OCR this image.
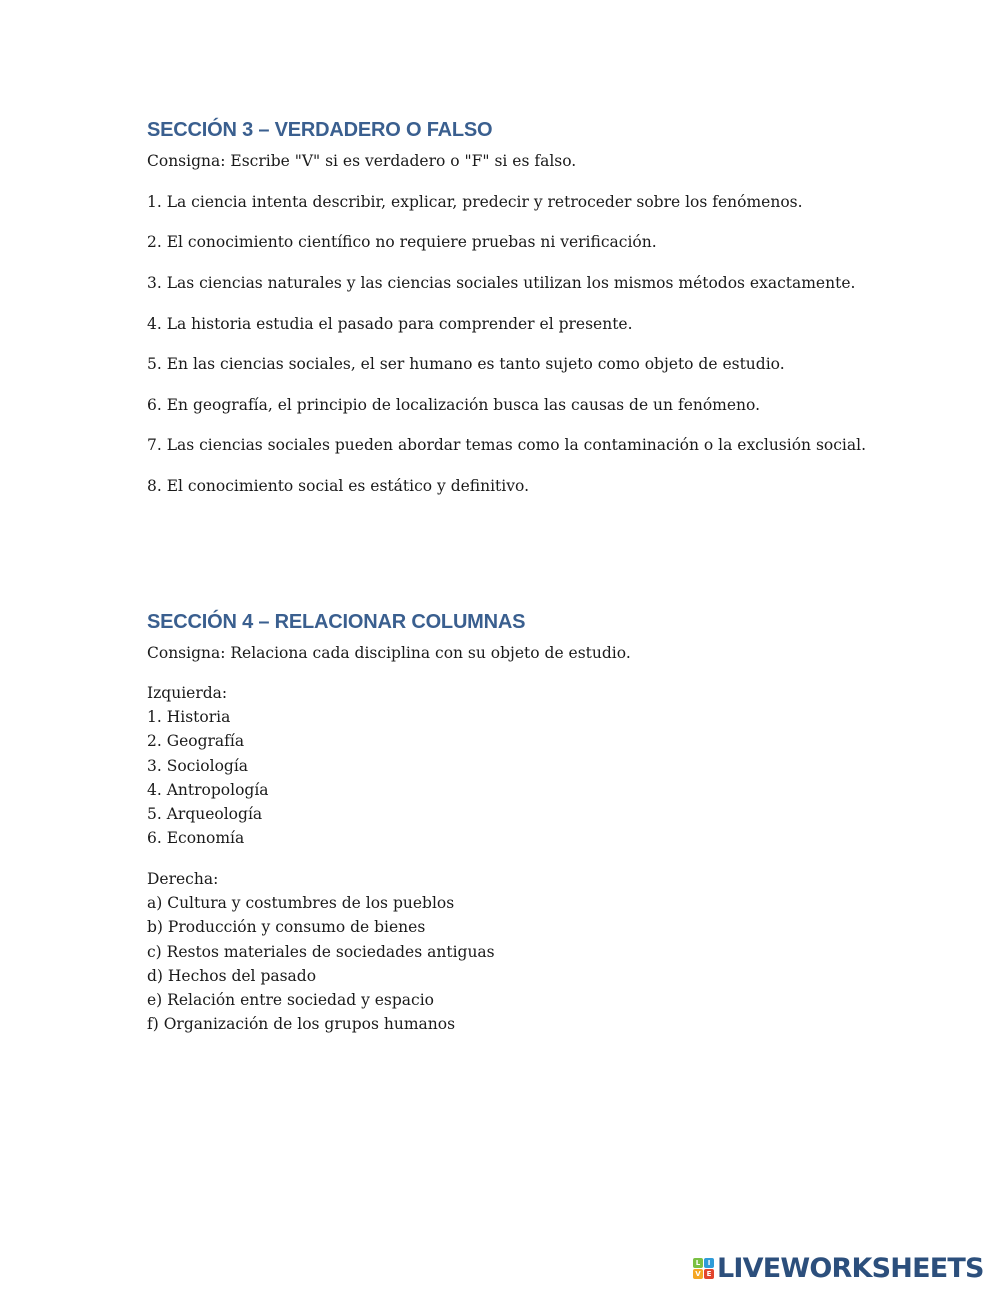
SECCIÓN 3 – VERDADERO O FALSO

Consigna: Escribe "V" si es verdadero o "F" si es falso.

1. La ciencia intenta describir, explicar, predecir y retroceder sobre los fenómenos.

2. El conocimiento científico no requiere pruebas ni verificación.

3. Las ciencias naturales y las ciencias sociales utilizan los mismos métodos exactamente.

4. La historia estudia el pasado para comprender el presente.

5. En las ciencias sociales, el ser humano es tanto sujeto como objeto de estudio.

6. En geografía, el principio de localización busca las causas de un fenómeno.

7. Las ciencias sociales pueden abordar temas como la contaminación o la exclusión social.

8. El conocimiento social es estático y definitivo.

SECCIÓN 4 – RELACIONAR COLUMNAS

Consigna: Relaciona cada disciplina con su objeto de estudio.

Izquierda:
1. Historia
2. Geografía
3. Sociología
4. Antropología
5. Arqueología
6. Economía
Derecha:
a) Cultura y costumbres de los pueblos
b) Producción y consumo de bienes
c) Restos materiales de sociedades antiguas
d) Hechos del pasado
e) Relación entre sociedad y espacio
f) Organización de los grupos humanos
L	I
V E LIVEWORKSHEETS
